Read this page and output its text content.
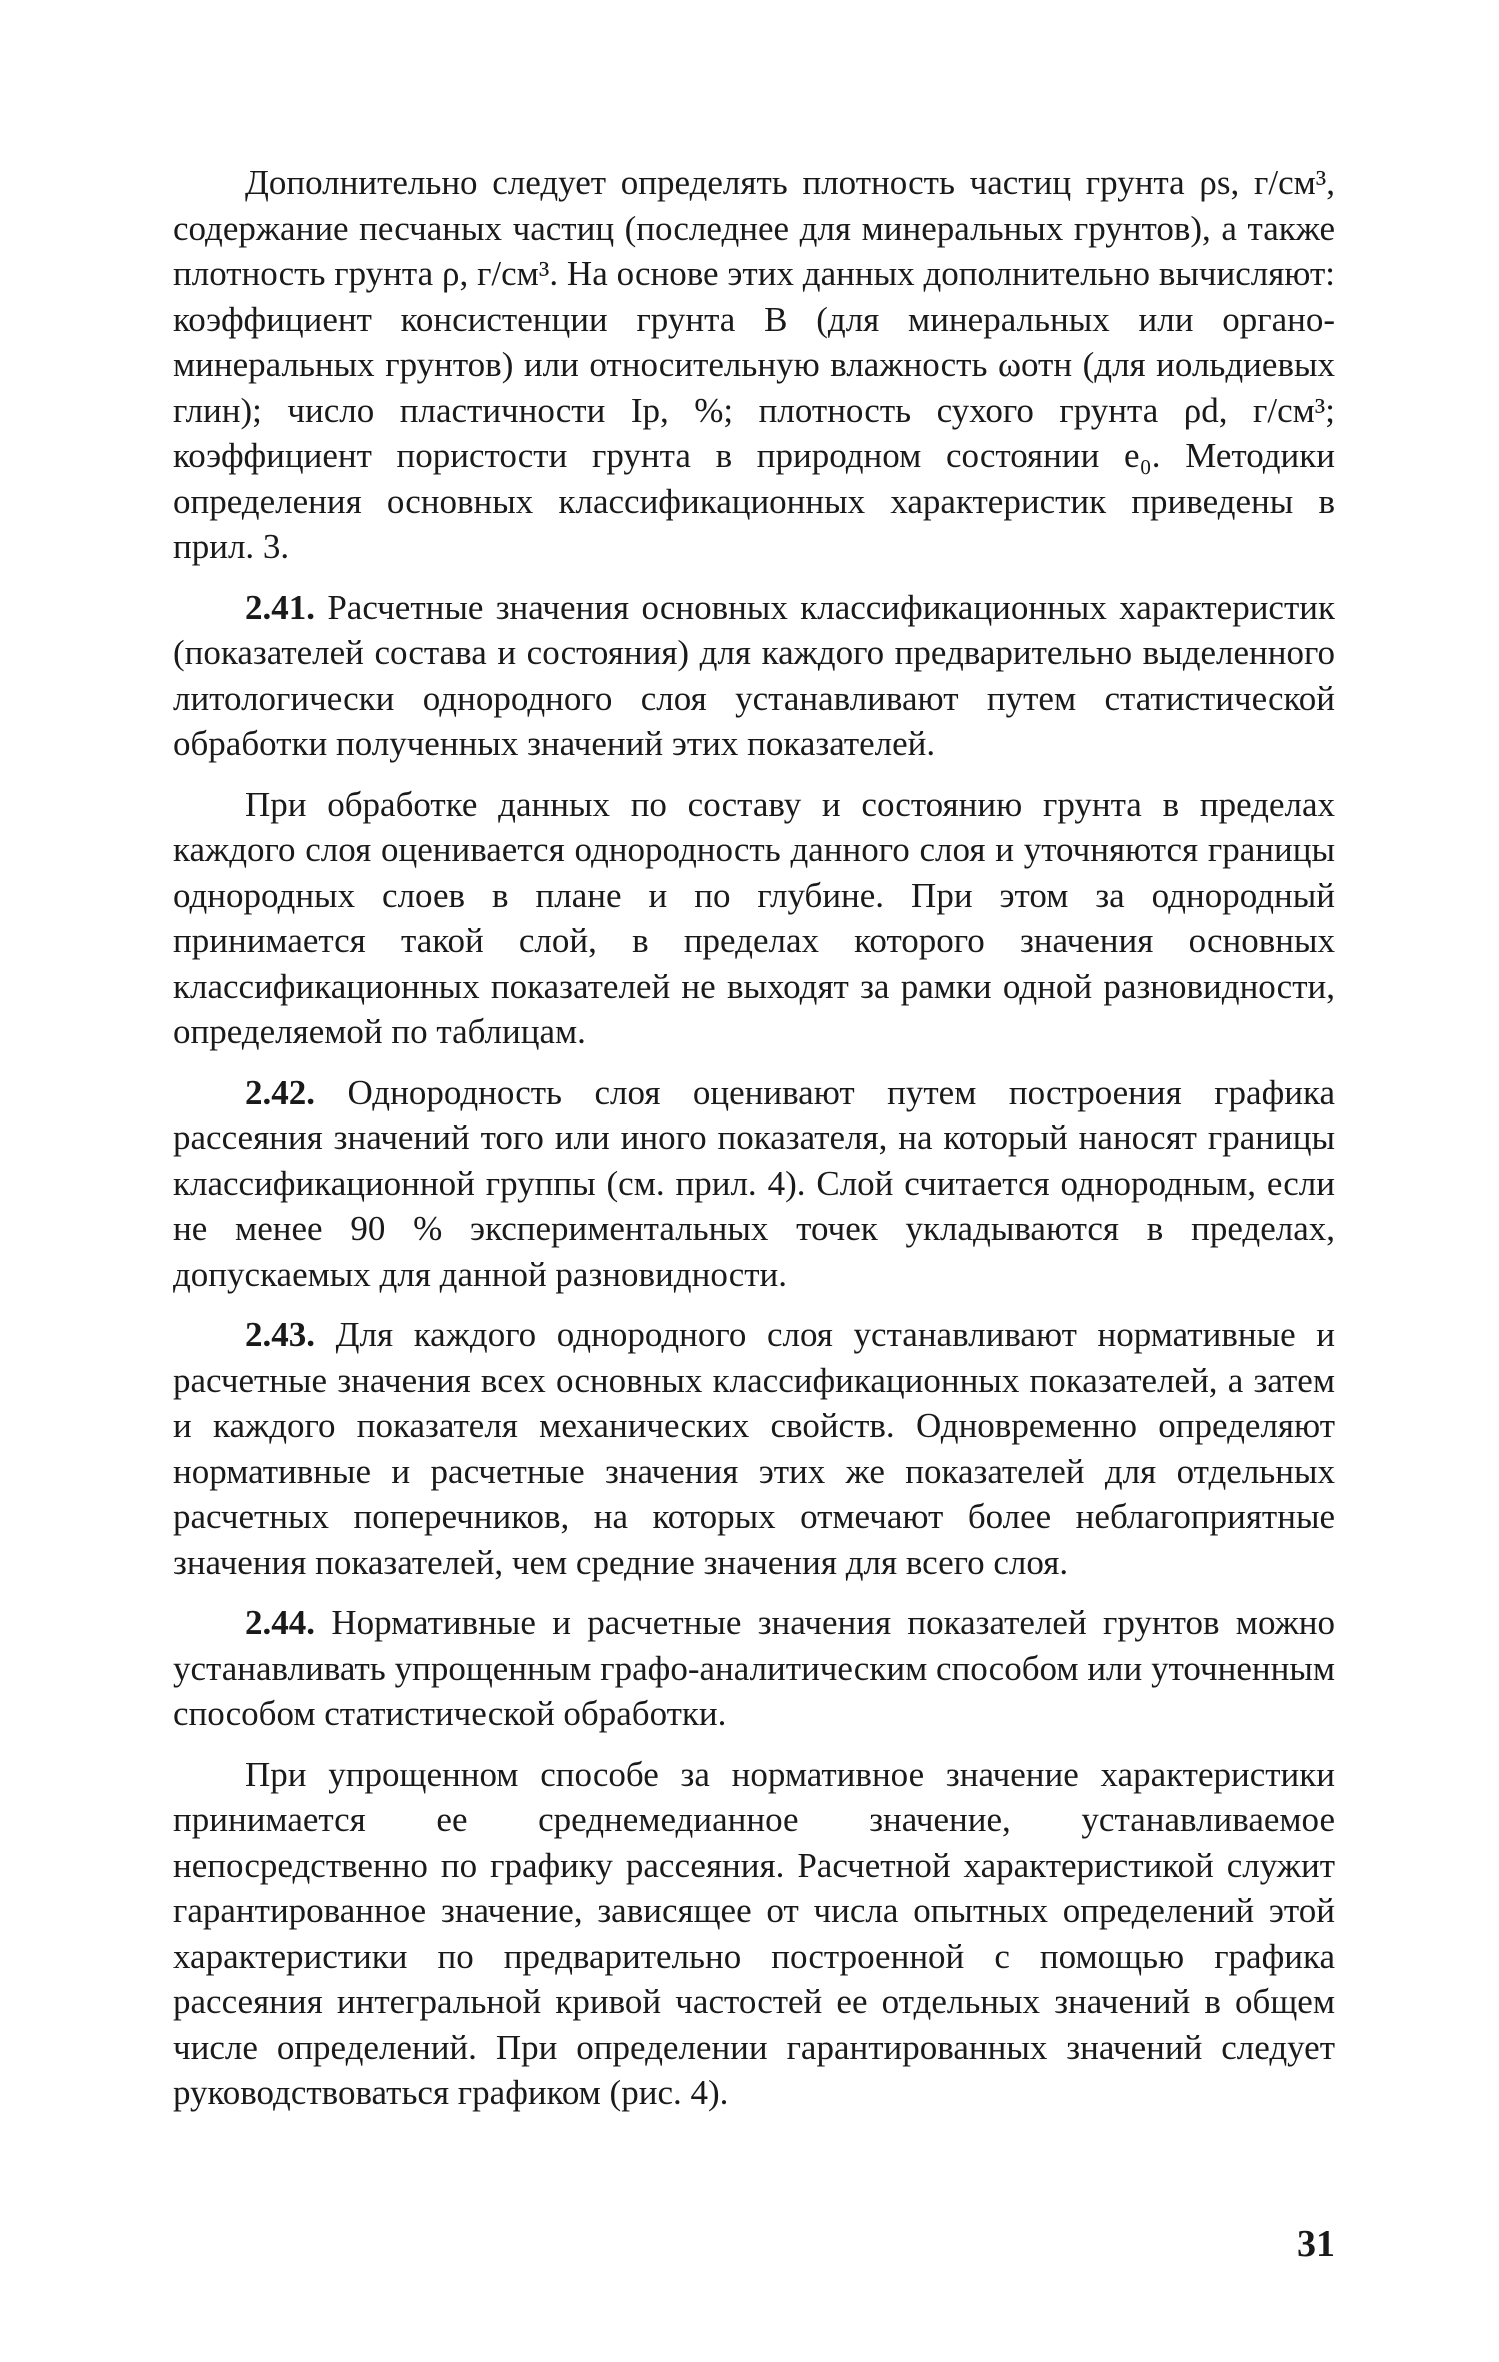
Дополнительно следует определять плотность частиц грунта ρs, г/см³, содержание песчаных частиц (последнее для минеральных грунтов), а также плотность грунта ρ, г/см³. На основе этих данных дополнительно вычисляют: коэффициент консистенции грунта B (для минеральных или органо-минеральных грунтов) или относительную влажность ωотн (для иольдиевых глин); число пластичности Ip, %; плотность сухого грунта ρd, г/см³; коэффициент пористости грунта в природном состоянии e₀. Методики определения основных классификационных характеристик приведены в прил. 3.

2.41. Расчетные значения основных классификационных характеристик (показателей состава и состояния) для каждого предварительно выделенного литологически однородного слоя устанавливают путем статистической обработки полученных значений этих показателей.

При обработке данных по составу и состоянию грунта в пределах каждого слоя оценивается однородность данного слоя и уточняются границы однородных слоев в плане и по глубине. При этом за однородный принимается такой слой, в пределах которого значения основных классификационных показателей не выходят за рамки одной разновидности, определяемой по таблицам.

2.42. Однородность слоя оценивают путем построения графика рассеяния значений того или иного показателя, на который наносят границы классификационной группы (см. прил. 4). Слой считается однородным, если не менее 90 % экспериментальных точек укладываются в пределах, допускаемых для данной разновидности.

2.43. Для каждого однородного слоя устанавливают нормативные и расчетные значения всех основных классификационных показателей, а затем и каждого показателя механических свойств. Одновременно определяют нормативные и расчетные значения этих же показателей для отдельных расчетных поперечников, на которых отмечают более неблагоприятные значения показателей, чем средние значения для всего слоя.

2.44. Нормативные и расчетные значения показателей грунтов можно устанавливать упрощенным графо-аналитическим способом или уточненным способом статистической обработки.

При упрощенном способе за нормативное значение характеристики принимается ее среднемедианное значение, устанавливаемое непосредственно по графику рассеяния. Расчетной характеристикой служит гарантированное значение, зависящее от числа опытных определений этой характеристики по предварительно построенной с помощью графика рассеяния интегральной кривой частостей ее отдельных значений в общем числе определений. При определении гарантированных значений следует руководствоваться графиком (рис. 4).

31
